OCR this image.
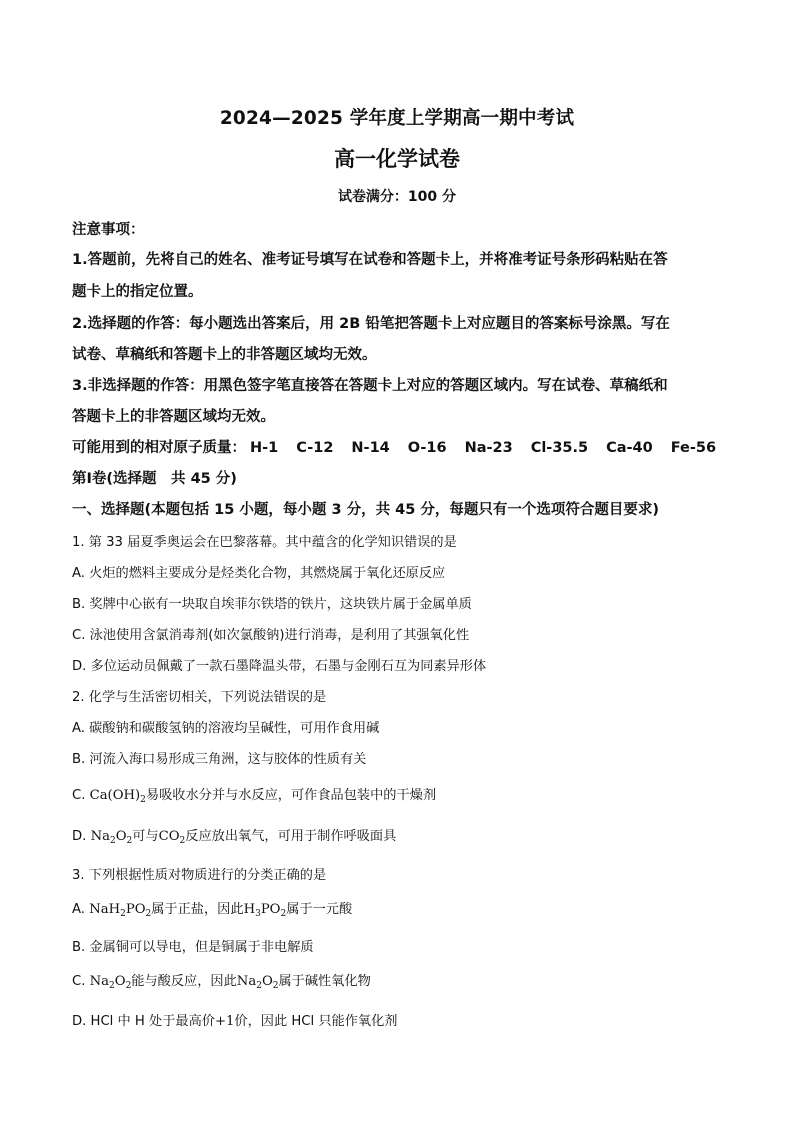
2024—2025 学年度上学期高一期中考试
高一化学试卷
试卷满分：100 分
注意事项：
1.答题前，先将自己的姓名、准考证号填写在试卷和答题卡上，并将准考证号条形码粘贴在答
题卡上的指定位置。
2.选择题的作答：每小题选出答案后，用 2B 铅笔把答题卡上对应题目的答案标号涂黑。写在
试卷、草稿纸和答题卡上的非答题区域均无效。
3.非选择题的作答：用黑色签字笔直接答在答题卡上对应的答题区域内。写在试卷、草稿纸和
答题卡上的非答题区域均无效。
可能用到的相对原子质量： H-1 C-12 N-14 O-16 Na-23 Cl-35.5 Ca-40 Fe-56
第Ⅰ卷(选择题　共 45 分)
一、选择题(本题包括 15 小题，每小题 3 分，共 45 分，每题只有一个选项符合题目要求)
1. 第 33 届夏季奥运会在巴黎落幕。其中蕴含的化学知识错误的是
A. 火炬的燃料主要成分是烃类化合物，其燃烧属于氧化还原反应
B. 奖牌中心嵌有一块取自埃菲尔铁塔的铁片，这块铁片属于金属单质
C. 泳池使用含氯消毒剂(如次氯酸钠)进行消毒，是利用了其强氧化性
D. 多位运动员佩戴了一款石墨降温头带，石墨与金刚石互为同素异形体
2. 化学与生活密切相关，下列说法错误的是
A. 碳酸钠和碳酸氢钠的溶液均呈碱性，可用作食用碱
B. 河流入海口易形成三角洲，这与胶体的性质有关
C. $Ca(OH)_2$易吸收水分并与水反应，可作食品包装中的干燥剂
D. $Na_2O_2$可与$CO_2$反应放出氧气，可用于制作呼吸面具
3. 下列根据性质对物质进行的分类正确的是
A. $NaH_2PO_2$属于正盐，因此$H_3PO_2$属于一元酸
B. 金属铜可以导电，但是铜属于非电解质
C. $Na_2O_2$能与酸反应，因此$Na_2O_2$属于碱性氧化物
D. HCl 中 H 处于最高价+1价，因此 HCl 只能作氧化剂
